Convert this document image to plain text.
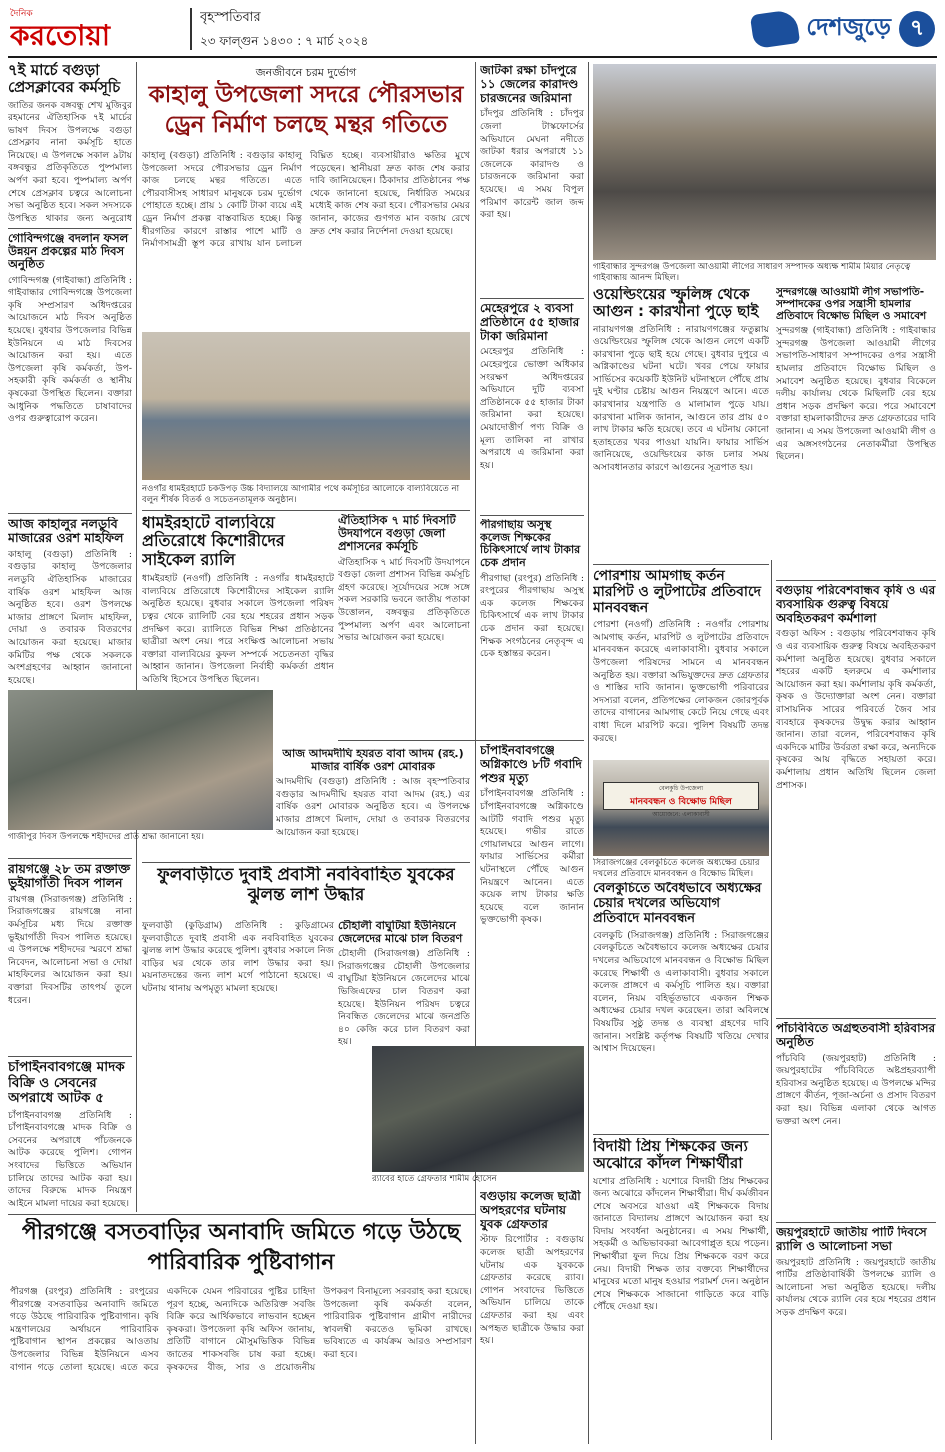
দৈনিক
করতোয়া
বৃহস্পতিবার
২৩ ফাল্গুন ১৪৩০ : ৭ মার্চ ২০২৪	দেশজুড়ে ৭
৭ই মার্চে বগুড়া প্রেসক্লাবের কর্মসূচি
জাতির জনক বঙ্গবন্ধু শেখ মুজিবুর রহমানের ঐতিহাসিক ৭ই মার্চের ভাষণ দিবস উপলক্ষে বগুড়া প্রেসক্লাব নানা কর্মসূচি হাতে নিয়েছে। এ উপলক্ষে সকাল ৯টায় বঙ্গবন্ধুর প্রতিকৃতিতে পুষ্পমাল্য অর্পণ করা হবে। পুষ্পমাল্য অর্পণ শেষে প্রেসক্লাব চত্বরে আলোচনা সভা অনুষ্ঠিত হবে। সকল সদস্যকে উপস্থিত থাকার জন্য অনুরোধ
গোবিন্দগঞ্জে বদলান ফসল উন্নয়ন প্রকল্পের মাঠ দিবস অনুষ্ঠিত
গোবিন্দগঞ্জ (গাইবান্ধা) প্রতিনিধি : গাইবান্ধার গোবিন্দগঞ্জে উপজেলা কৃষি সম্প্রসারণ অধিদপ্তরের আয়োজনে মাঠ দিবস অনুষ্ঠিত হয়েছে। বুধবার উপজেলার বিভিন্ন ইউনিয়নে এ মাঠ দিবসের আয়োজন করা হয়। এতে উপজেলা কৃষি কর্মকর্তা, উপ-সহকারী কৃষি কর্মকর্তা ও স্থানীয় কৃষকেরা উপস্থিত ছিলেন। বক্তারা আধুনিক পদ্ধতিতে চাষাবাদের ওপর গুরুত্বারোপ করেন।
আজ কাহালুর নলডুবি মাজারের ওরশ মাহফিল
কাহালু (বগুড়া) প্রতিনিধি : বগুড়ার কাহালু উপজেলার নলডুবি ঐতিহাসিক মাজারের বার্ষিক ওরশ মাহফিল আজ অনুষ্ঠিত হবে। ওরশ উপলক্ষে মাজার প্রাঙ্গণে মিলাদ মাহফিল, দোয়া ও তবারক বিতরণের আয়োজন করা হয়েছে। মাজার কমিটির পক্ষ থেকে সকলকে অংশগ্রহণের আহ্বান জানানো হয়েছে।
গাজীপুর দিবস উপলক্ষে শহীদদের প্রতি শ্রদ্ধা জানানো হয়।
রায়গঞ্জে ২৮ তম রক্তাক্ত ভুইয়াগাঁতী দিবস পালন
রায়গঞ্জ (সিরাজগঞ্জ) প্রতিনিধি : সিরাজগঞ্জের রায়গঞ্জে নানা কর্মসূচির মধ্য দিয়ে রক্তাক্ত ভুইয়াগাঁতী দিবস পালিত হয়েছে। এ উপলক্ষে শহীদদের স্মরণে শ্রদ্ধা নিবেদন, আলোচনা সভা ও দোয়া মাহফিলের আয়োজন করা হয়। বক্তারা দিবসটির তাৎপর্য তুলে ধরেন।
চাঁপাইনবাবগঞ্জে মাদক বিক্রি ও সেবনের অপরাধে আটক ৫
চাঁপাইনবাবগঞ্জ প্রতিনিধি : চাঁপাইনবাবগঞ্জে মাদক বিক্রি ও সেবনের অপরাধে পাঁচজনকে আটক করেছে পুলিশ। গোপন সংবাদের ভিত্তিতে অভিযান চালিয়ে তাদের আটক করা হয়। তাদের বিরুদ্ধে মাদক নিয়ন্ত্রণ আইনে মামলা দায়ের করা হয়েছে।
জনজীবনে চরম দুর্ভোগ
কাহালু উপজেলা সদরে পৌরসভার ড্রেন নির্মাণ চলছে মন্থর গতিতে
কাহালু (বগুড়া) প্রতিনিধি : বগুড়ার কাহালু উপজেলা সদরে পৌরসভার ড্রেন নির্মাণ কাজ চলছে মন্থর গতিতে। এতে পৌরবাসীসহ সাধারণ মানুষকে চরম দুর্ভোগ পোহাতে হচ্ছে। প্রায় ১ কোটি টাকা ব্যয়ে এই ড্রেন নির্মাণ প্রকল্প বাস্তবায়িত হচ্ছে। কিন্তু ধীরগতির কারণে রাস্তার পাশে মাটি ও নির্মাণসামগ্রী স্তূপ করে রাখায় যান চলাচল বিঘ্নিত হচ্ছে। ব্যবসায়ীরাও ক্ষতির মুখে পড়েছেন। স্থানীয়রা দ্রুত কাজ শেষ করার দাবি জানিয়েছেন। ঠিকাদার প্রতিষ্ঠানের পক্ষ থেকে জানানো হয়েছে, নির্ধারিত সময়ের মধ্যেই কাজ শেষ করা হবে। পৌরসভার মেয়র জানান, কাজের গুণগত মান বজায় রেখে দ্রুত শেষ করার নির্দেশনা দেওয়া হয়েছে।
নওগাঁর ধামইরহাটে চকউপড় উচ্চ বিদ্যালয়ে আগামীর পথে কর্মসূচির আলোকে বাল্যবিয়েতে না বলুন শীর্ষক বিতর্ক ও সচেতনতামূলক অনুষ্ঠান।
ধামইরহাটে বাল্যবিয়ে প্রতিরোধে কিশোরীদের সাইকেল র‌্যালি
ধামইরহাট (নওগাঁ) প্রতিনিধি : নওগাঁর ধামইরহাটে বাল্যবিয়ে প্রতিরোধে কিশোরীদের সাইকেল র‌্যালি অনুষ্ঠিত হয়েছে। বুধবার সকালে উপজেলা পরিষদ চত্বর থেকে র‌্যালিটি বের হয়ে শহরের প্রধান সড়ক প্রদক্ষিণ করে। র‌্যালিতে বিভিন্ন শিক্ষা প্রতিষ্ঠানের ছাত্রীরা অংশ নেয়। পরে সংক্ষিপ্ত আলোচনা সভায় বক্তারা বাল্যবিয়ের কুফল সম্পর্কে সচেতনতা বৃদ্ধির আহ্বান জানান। উপজেলা নির্বাহী কর্মকর্তা প্রধান অতিথি হিসেবে উপস্থিত ছিলেন।
আজ আদমদীঘি হযরত বাবা আদম (রহ.) মাজার বার্ষিক ওরশ মোবারক
আদমদীঘি (বগুড়া) প্রতিনিধি : আজ বৃহস্পতিবার বগুড়ার আদমদীঘি হযরত বাবা আদম (রহ.) এর বার্ষিক ওরশ মোবারক অনুষ্ঠিত হবে। এ উপলক্ষে মাজার প্রাঙ্গণে মিলাদ, দোয়া ও তবারক বিতরণের আয়োজন করা হয়েছে।
ফুলবাড়ীতে দুবাই প্রবাসী নববিবাহিত যুবকের ঝুলন্ত লাশ উদ্ধার
ফুলবাড়ী (কুড়িগ্রাম) প্রতিনিধি : কুড়িগ্রামের ফুলবাড়ীতে দুবাই প্রবাসী এক নববিবাহিত যুবকের ঝুলন্ত লাশ উদ্ধার করেছে পুলিশ। বুধবার সকালে নিজ বাড়ির ঘর থেকে তার লাশ উদ্ধার করা হয়। ময়নাতদন্তের জন্য লাশ মর্গে পাঠানো হয়েছে। এ ঘটনায় থানায় অপমৃত্যু মামলা হয়েছে।
চৌহালী বাঘুটিয়া ইউনিয়নে জেলেদের মাঝে চাল বিতরণ
চৌহালী (সিরাজগঞ্জ) প্রতিনিধি : সিরাজগঞ্জের চৌহালী উপজেলার বাঘুটিয়া ইউনিয়নে জেলেদের মাঝে ভিজিএফের চাল বিতরণ করা হয়েছে। ইউনিয়ন পরিষদ চত্বরে নিবন্ধিত জেলেদের মাঝে জনপ্রতি ৪০ কেজি করে চাল বিতরণ করা হয়।
জাটকা রক্ষা চাঁদপুরে ১১ জেলের কারাদণ্ড চারজনের জরিমানা
চাঁদপুর প্রতিনিধি : চাঁদপুর জেলা টাস্কফোর্সের অভিযানে মেঘনা নদীতে জাটকা ধরার অপরাধে ১১ জেলেকে কারাদণ্ড ও চারজনকে জরিমানা করা হয়েছে। এ সময় বিপুল পরিমাণ কারেন্ট জাল জব্দ করা হয়।
মেহেরপুরে ২ ব্যবসা প্রতিষ্ঠানে ৫৫ হাজার টাকা জরিমানা
মেহেরপুর প্রতিনিধি : মেহেরপুরে ভোক্তা অধিকার সংরক্ষণ অধিদপ্তরের অভিযানে দুটি ব্যবসা প্রতিষ্ঠানকে ৫৫ হাজার টাকা জরিমানা করা হয়েছে। মেয়াদোত্তীর্ণ পণ্য বিক্রি ও মূল্য তালিকা না রাখার অপরাধে এ জরিমানা করা হয়।
ঐতিহাসিক ৭ মার্চ দিবসটি উদযাপনে বগুড়া জেলা প্রশাসনের কর্মসূচি
ঐতিহাসিক ৭ মার্চ দিবসটি উদযাপনে বগুড়া জেলা প্রশাসন বিভিন্ন কর্মসূচি গ্রহণ করেছে। সূর্যোদয়ের সঙ্গে সঙ্গে সকল সরকারি ভবনে জাতীয় পতাকা উত্তোলন, বঙ্গবন্ধুর প্রতিকৃতিতে পুষ্পমাল্য অর্পণ এবং আলোচনা সভার আয়োজন করা হয়েছে।
পীরগাছায় অসুস্থ কলেজ শিক্ষকের চিকিৎসার্থে লাখ টাকার চেক প্রদান
পীরগাছা (রংপুর) প্রতিনিধি : রংপুরের পীরগাছায় অসুস্থ এক কলেজ শিক্ষকের চিকিৎসার্থে এক লাখ টাকার চেক প্রদান করা হয়েছে। শিক্ষক সংগঠনের নেতৃবৃন্দ এ চেক হস্তান্তর করেন।
চাঁপাইনবাবগঞ্জে অগ্নিকাণ্ডে ৮টি গবাদি পশুর মৃত্যু
চাঁপাইনবাবগঞ্জ প্রতিনিধি : চাঁপাইনবাবগঞ্জে অগ্নিকাণ্ডে আটটি গবাদি পশুর মৃত্যু হয়েছে। গভীর রাতে গোয়ালঘরে আগুন লাগে। ফায়ার সার্ভিসের কর্মীরা ঘটনাস্থলে পৌঁছে আগুন নিয়ন্ত্রণে আনেন। এতে কয়েক লাখ টাকার ক্ষতি হয়েছে বলে জানান ভুক্তভোগী কৃষক।
র‌্যাবের হাতে গ্রেফতার শামীম হোসেন
বগুড়ায় কলেজ ছাত্রী অপহরণের ঘটনায় যুবক গ্রেফতার
স্টাফ রিপোর্টার : বগুড়ায় কলেজ ছাত্রী অপহরণের ঘটনায় এক যুবককে গ্রেফতার করেছে র‌্যাব। গোপন সংবাদের ভিত্তিতে অভিযান চালিয়ে তাকে গ্রেফতার করা হয় এবং অপহৃত ছাত্রীকে উদ্ধার করা হয়।
পীরগঞ্জে বসতবাড়ির অনাবাদি জমিতে গড়ে উঠছে পারিবারিক পুষ্টিবাগান
পীরগঞ্জ (রংপুর) প্রতিনিধি : রংপুরের পীরগঞ্জে বসতবাড়ির অনাবাদি জমিতে গড়ে উঠছে পারিবারিক পুষ্টিবাগান। কৃষি মন্ত্রণালয়ের অর্থায়নে পারিবারিক পুষ্টিবাগান স্থাপন প্রকল্পের আওতায় উপজেলার বিভিন্ন ইউনিয়নে এসব বাগান গড়ে তোলা হয়েছে। এতে করে একদিকে যেমন পরিবারের পুষ্টির চাহিদা পূরণ হচ্ছে, অন্যদিকে অতিরিক্ত সবজি বিক্রি করে আর্থিকভাবে লাভবান হচ্ছেন কৃষকরা। উপজেলা কৃষি অফিস জানায়, প্রতিটি বাগানে মৌসুমভিত্তিক বিভিন্ন জাতের শাকসবজি চাষ করা হচ্ছে। কৃষকদের বীজ, সার ও প্রয়োজনীয় উপকরণ বিনামূল্যে সরবরাহ করা হয়েছে। উপজেলা কৃষি কর্মকর্তা বলেন, পারিবারিক পুষ্টিবাগান গ্রামীণ নারীদের স্বাবলম্বী করতেও ভূমিকা রাখছে। ভবিষ্যতে এ কার্যক্রম আরও সম্প্রসারণ করা হবে।
গাইবান্ধার সুন্দরগঞ্জ উপজেলা আওয়ামী লীগের সাধারণ সম্পাদক অধ্যক্ষ শামীম মিয়ার নেতৃত্বে গাইবান্ধায় আনন্দ মিছিল।
ওয়েল্ডিংয়ের স্ফুলিঙ্গ থেকে আগুন : কারখানা পুড়ে ছাই
নারায়ণগঞ্জ প্রতিনিধি : নারায়ণগঞ্জের ফতুল্লায় ওয়েল্ডিংয়ের স্ফুলিঙ্গ থেকে আগুন লেগে একটি কারখানা পুড়ে ছাই হয়ে গেছে। বুধবার দুপুরে এ অগ্নিকাণ্ডের ঘটনা ঘটে। খবর পেয়ে ফায়ার সার্ভিসের কয়েকটি ইউনিট ঘটনাস্থলে পৌঁছে প্রায় দুই ঘণ্টার চেষ্টায় আগুন নিয়ন্ত্রণে আনে। এতে কারখানার যন্ত্রপাতি ও মালামাল পুড়ে যায়। কারখানা মালিক জানান, আগুনে তার প্রায় ৫০ লাখ টাকার ক্ষতি হয়েছে। তবে এ ঘটনায় কোনো হতাহতের খবর পাওয়া যায়নি। ফায়ার সার্ভিস জানিয়েছে, ওয়েল্ডিংয়ের কাজ চলার সময় অসাবধানতার কারণে আগুনের সূত্রপাত হয়।
পোরশায় আমগাছ কর্তন মারপিট ও লুটপাটের প্রতিবাদে মানববন্ধন
পোরশা (নওগাঁ) প্রতিনিধি : নওগাঁর পোরশায় আমগাছ কর্তন, মারপিট ও লুটপাটের প্রতিবাদে মানববন্ধন করেছে এলাকাবাসী। বুধবার সকালে উপজেলা পরিষদের সামনে এ মানববন্ধন অনুষ্ঠিত হয়। বক্তারা অভিযুক্তদের দ্রুত গ্রেফতার ও শাস্তির দাবি জানান। ভুক্তভোগী পরিবারের সদস্যরা বলেন, প্রতিপক্ষের লোকজন জোরপূর্বক তাদের বাগানের আমগাছ কেটে নিয়ে গেছে এবং বাধা দিলে মারপিট করে। পুলিশ বিষয়টি তদন্ত করছে।
বেলকুচি উপজেলা
মানববন্ধন ও বিক্ষোভ মিছিল
আয়োজনে: এলাকাবাসী
সিরাজগঞ্জের বেলকুচিতে কলেজ অধ্যক্ষের চেয়ার দখলের প্রতিবাদে মানববন্ধন ও বিক্ষোভ মিছিল।
বেলকুচিতে অবৈধভাবে অধ্যক্ষের চেয়ার দখলের অভিযোগ প্রতিবাদে মানববন্ধন
বেলকুচি (সিরাজগঞ্জ) প্রতিনিধি : সিরাজগঞ্জের বেলকুচিতে অবৈধভাবে কলেজ অধ্যক্ষের চেয়ার দখলের অভিযোগে মানববন্ধন ও বিক্ষোভ মিছিল করেছে শিক্ষার্থী ও এলাকাবাসী। বুধবার সকালে কলেজ প্রাঙ্গণে এ কর্মসূচি পালিত হয়। বক্তারা বলেন, নিয়ম বহির্ভূতভাবে একজন শিক্ষক অধ্যক্ষের চেয়ার দখল করেছেন। তারা অবিলম্বে বিষয়টির সুষ্ঠু তদন্ত ও ব্যবস্থা গ্রহণের দাবি জানান। সংশ্লিষ্ট কর্তৃপক্ষ বিষয়টি খতিয়ে দেখার আশ্বাস দিয়েছেন।
বিদায়ী প্রিয় শিক্ষকের জন্য অঝোরে কাঁদল শিক্ষার্থীরা
যশোর প্রতিনিধি : যশোরে বিদায়ী প্রিয় শিক্ষকের জন্য অঝোরে কাঁদলেন শিক্ষার্থীরা। দীর্ঘ কর্মজীবন শেষে অবসরে যাওয়া এই শিক্ষককে বিদায় জানাতে বিদ্যালয় প্রাঙ্গণে আয়োজন করা হয় বিদায় সংবর্ধনা অনুষ্ঠানের। এ সময় শিক্ষার্থী, সহকর্মী ও অভিভাবকরা আবেগাপ্লুত হয়ে পড়েন। শিক্ষার্থীরা ফুল দিয়ে প্রিয় শিক্ষককে বরণ করে নেয়। বিদায়ী শিক্ষক তার বক্তব্যে শিক্ষার্থীদের মানুষের মতো মানুষ হওয়ার পরামর্শ দেন। অনুষ্ঠান শেষে শিক্ষককে সাজানো গাড়িতে করে বাড়ি পৌঁছে দেওয়া হয়।
সুন্দরগঞ্জে আওয়ামী লীগ সভাপতি-সম্পাদকের ওপর সন্ত্রাসী হামলার প্রতিবাদে বিক্ষোভ মিছিল ও সমাবেশ
সুন্দরগঞ্জ (গাইবান্ধা) প্রতিনিধি : গাইবান্ধার সুন্দরগঞ্জ উপজেলা আওয়ামী লীগের সভাপতি-সাধারণ সম্পাদকের ওপর সন্ত্রাসী হামলার প্রতিবাদে বিক্ষোভ মিছিল ও সমাবেশ অনুষ্ঠিত হয়েছে। বুধবার বিকেলে দলীয় কার্যালয় থেকে মিছিলটি বের হয়ে প্রধান সড়ক প্রদক্ষিণ করে। পরে সমাবেশে বক্তারা হামলাকারীদের দ্রুত গ্রেফতারের দাবি জানান। এ সময় উপজেলা আওয়ামী লীগ ও এর অঙ্গসংগঠনের নেতাকর্মীরা উপস্থিত ছিলেন।
বগুড়ায় পরিবেশবান্ধব কৃষি ও এর ব্যবসায়িক গুরুত্ব বিষয়ে অবহিতকরণ কর্মশালা
বগুড়া অফিস : বগুড়ায় পরিবেশবান্ধব কৃষি ও এর ব্যবসায়িক গুরুত্ব বিষয়ে অবহিতকরণ কর্মশালা অনুষ্ঠিত হয়েছে। বুধবার সকালে শহরের একটি হলরুমে এ কর্মশালার আয়োজন করা হয়। কর্মশালায় কৃষি কর্মকর্তা, কৃষক ও উদ্যোক্তারা অংশ নেন। বক্তারা রাসায়নিক সারের পরিবর্তে জৈব সার ব্যবহারে কৃষকদের উদ্বুদ্ধ করার আহ্বান জানান। তারা বলেন, পরিবেশবান্ধব কৃষি একদিকে মাটির উর্বরতা রক্ষা করে, অন্যদিকে কৃষকের আয় বৃদ্ধিতে সহায়তা করে। কর্মশালায় প্রধান অতিথি ছিলেন জেলা প্রশাসক।
পাঁচবিবিতে অগ্রহুতবাসী হরিবাসর অনুষ্ঠিত
পাঁচবিবি (জয়পুরহাট) প্রতিনিধি : জয়পুরহাটের পাঁচবিবিতে অষ্টপ্রহরব্যাপী হরিবাসর অনুষ্ঠিত হয়েছে। এ উপলক্ষে মন্দির প্রাঙ্গণে কীর্তন, পূজা-অর্চনা ও প্রসাদ বিতরণ করা হয়। বিভিন্ন এলাকা থেকে আগত ভক্তরা অংশ নেন।
জয়পুরহাটে জাতীয় পার্টি দিবসে র‌্যালি ও আলোচনা সভা
জয়পুরহাট প্রতিনিধি : জয়পুরহাটে জাতীয় পার্টির প্রতিষ্ঠাবার্ষিকী উপলক্ষে র‌্যালি ও আলোচনা সভা অনুষ্ঠিত হয়েছে। দলীয় কার্যালয় থেকে র‌্যালি বের হয়ে শহরের প্রধান সড়ক প্রদক্ষিণ করে।
